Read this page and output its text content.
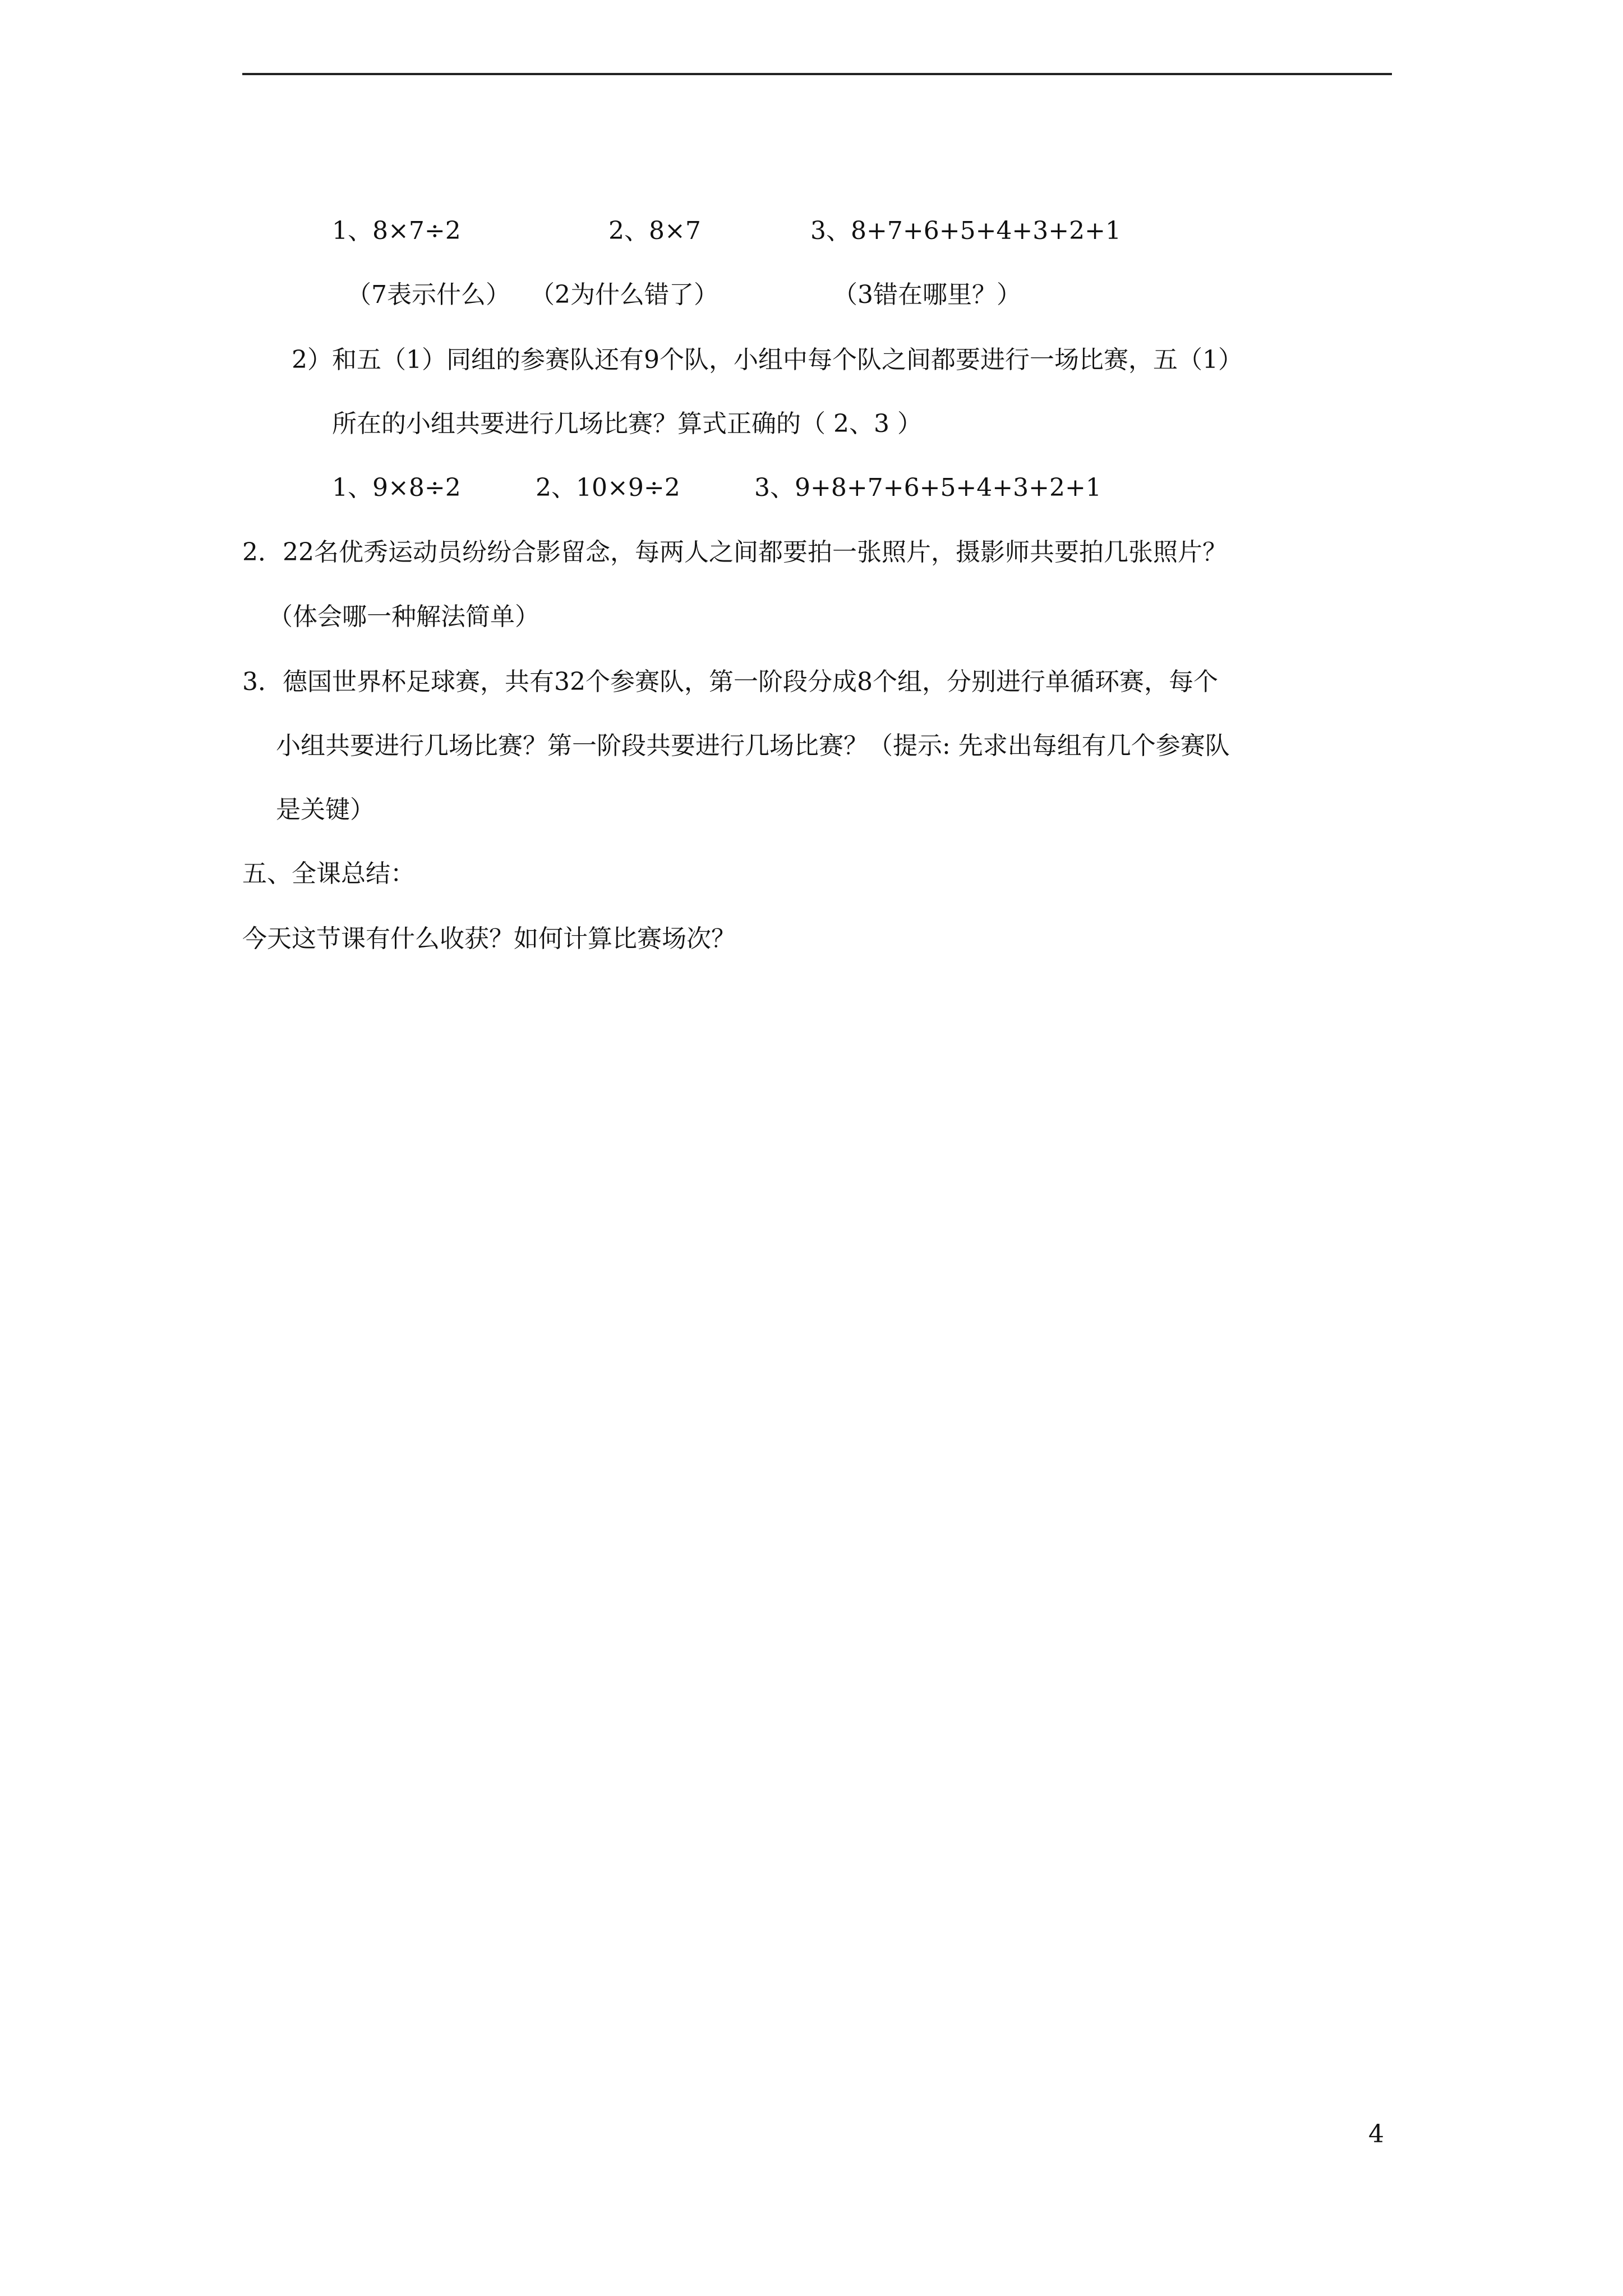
1、8×7÷2	2、8×7	3、8+7+6+5+4+3+2+1
（7表示什么） （2为什么错了）	（3错在哪里？）
2）和五（1）同组的参赛队还有9个队，小组中每个队之间都要进行一场比赛，五（1）
所在的小组共要进行几场比赛？算式正确的（ 2、3 ）
1、9×8÷2	2、10×9÷2	3、9+8+7+6+5+4+3+2+1
2．22名优秀运动员纷纷合影留念，每两人之间都要拍一张照片，摄影师共要拍几张照片？
（体会哪一种解法简单）
3．德国世界杯足球赛，共有32个参赛队，第一阶段分成8个组，分别进行单循环赛，每个
小组共要进行几场比赛？第一阶段共要进行几场比赛？（提示: 先求出每组有几个参赛队
是关键）
五、全课总结：
今天这节课有什么收获？如何计算比赛场次？
4
